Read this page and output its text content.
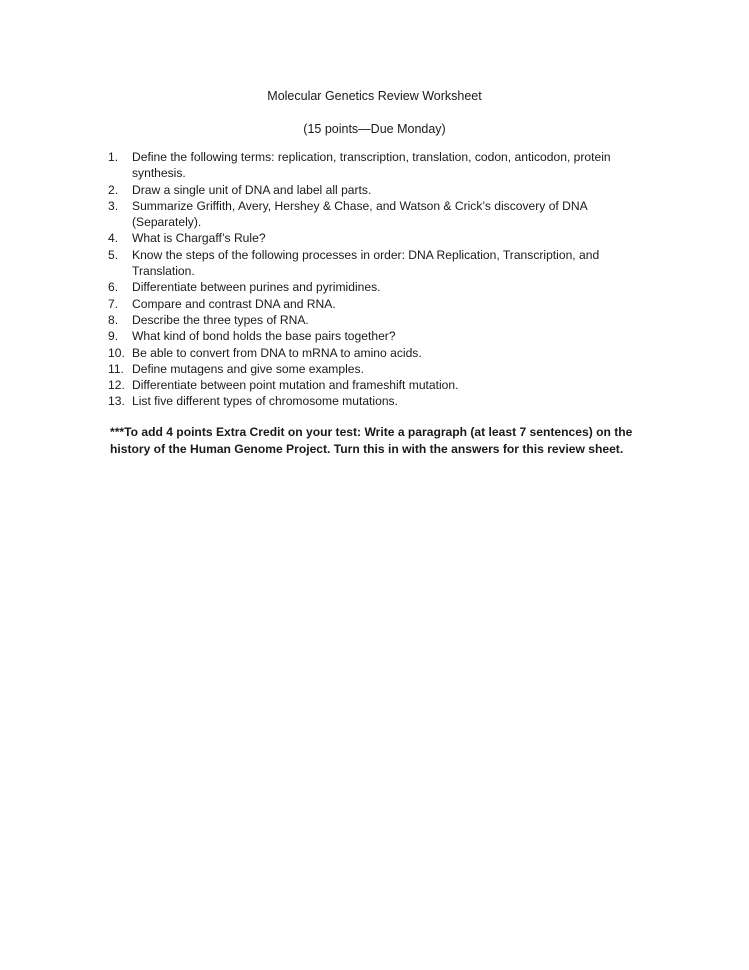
Molecular Genetics Review Worksheet
(15 points—Due Monday)
1.	Define the following terms: replication, transcription, translation, codon, anticodon, protein synthesis.
2.	Draw a single unit of DNA and label all parts.
3.	Summarize Griffith, Avery, Hershey & Chase, and Watson & Crick’s discovery of DNA (Separately).
4.	What is Chargaff’s Rule?
5.	Know the steps of the following processes in order: DNA Replication, Transcription, and Translation.
6.	Differentiate between purines and pyrimidines.
7.	Compare and contrast DNA and RNA.
8.	Describe the three types of RNA.
9.	What kind of bond holds the base pairs together?
10. Be able to convert from DNA to mRNA to amino acids.
11. Define mutagens and give some examples.
12. Differentiate between point mutation and frameshift mutation.
13. List five different types of chromosome mutations.
***To add 4 points Extra Credit on your test: Write a paragraph (at least 7 sentences) on the history of the Human Genome Project. Turn this in with the answers for this review sheet.
